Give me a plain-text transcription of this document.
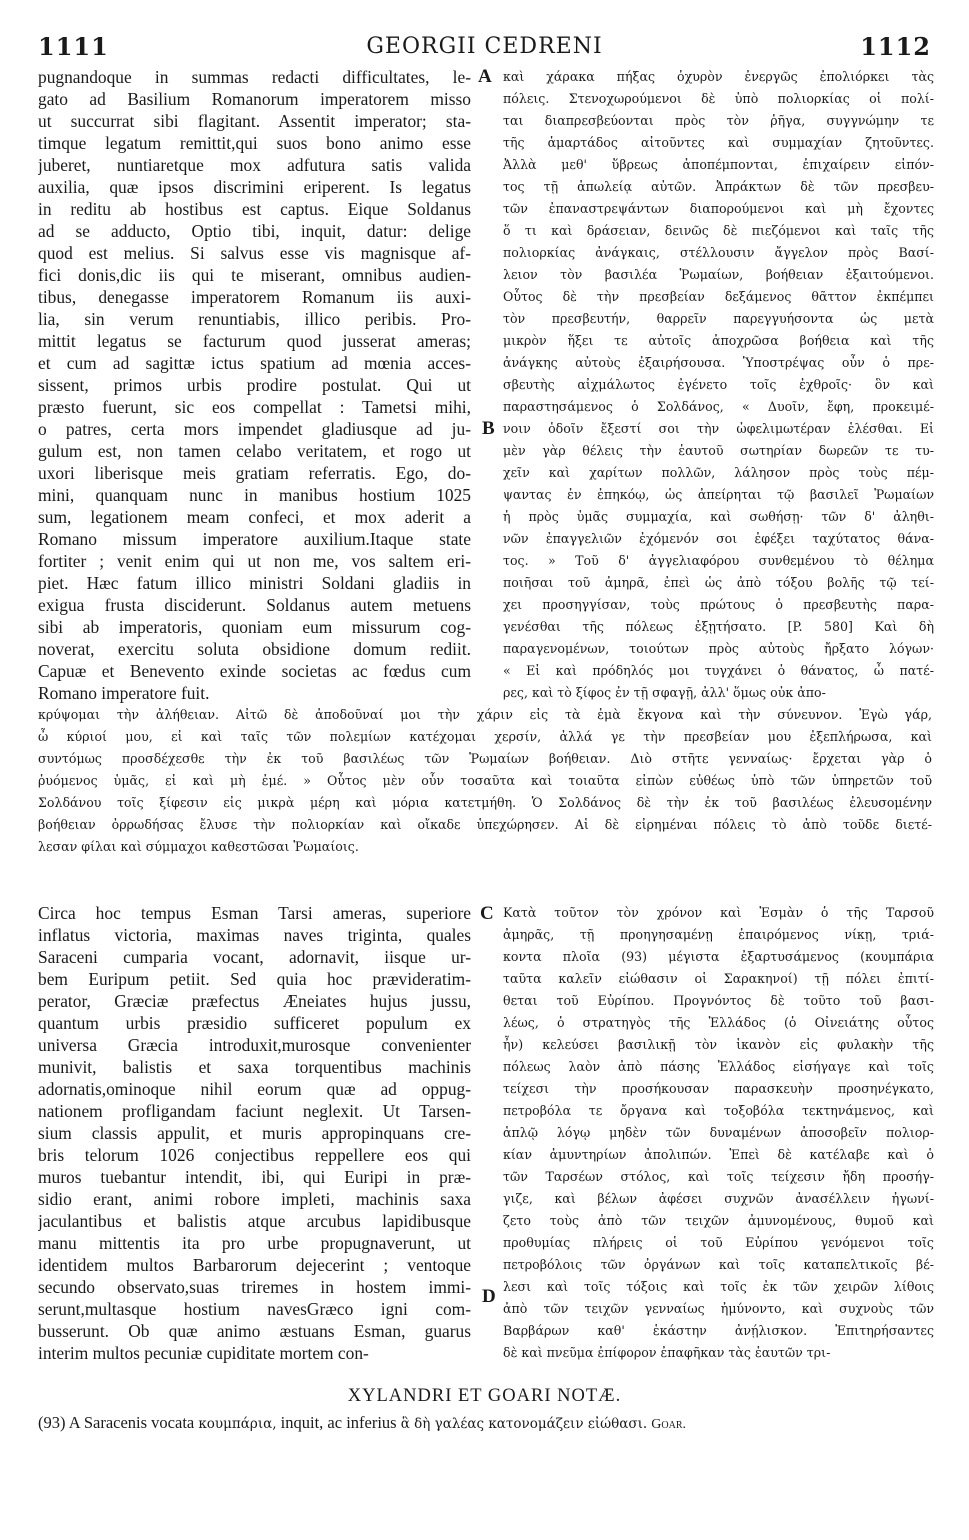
1111	GEORGII CEDRENI	1112
pugnandoque in summas redacti difficultates, le-
gato ad Basilium Romanorum imperatorem misso
ut succurrat sibi flagitant. Assentit imperator; sta-
timque legatum remittit,qui suos bono animo esse
juberet, nuntiaretque mox adfutura satis valida
auxilia, quæ ipsos discrimini eriperent. Is legatus
in reditu ab hostibus est captus. Eique Soldanus
ad se adducto, Optio tibi, inquit, datur: delige
quod est melius. Si salvus esse vis magnisque af-
fici donis,dic iis qui te miserant, omnibus audien-
tibus, denegasse imperatorem Romanum iis auxi-
lia, sin verum renuntiabis, illico peribis. Pro-
mittit legatus se facturum quod jusserat ameras;
et cum ad sagittæ ictus spatium ad mœnia acces-
sissent, primos urbis prodire postulat. Qui ut
præsto fuerunt, sic eos compellat : Tametsi mihi,
o patres, certa mors impendet gladiusque ad ju-
gulum est, non tamen celabo veritatem, et rogo ut
uxori liberisque meis gratiam referratis. Ego, do-
mini, quanquam nunc in manibus hostium 1025
sum, legationem meam confeci, et mox aderit a
Romano missum imperatore auxilium.Itaque state
fortiter ; venit enim qui ut non me, vos saltem eri-
piet. Hæc fatum illico ministri Soldani gladiis in
exigua frusta disciderunt. Soldanus autem metuens
sibi ab imperatoris, quoniam eum missurum cog-
noverat, exercitu soluta obsidione domum rediit.
Capuæ et Benevento exinde societas ac fœdus cum
Romano imperatore fuit.
καὶ χάρακα πήξας ὀχυρὸν ἐνεργῶς ἐπολιόρκει τὰς
πόλεις. Στενοχωρούμενοι δὲ ὑπὸ πολιορκίας οἱ πολί-
ται διαπρεσβεύονται πρὸς τὸν ῥῆγα, συγγνώμην τε
τῆς ἁμαρτάδος αἰτοῦντες καὶ συμμαχίαν ζητοῦντες.
Ἀλλὰ μεθ' ὕβρεως ἀποπέμπονται, ἐπιχαίρειν εἰπόν-
τος τῇ ἀπωλείᾳ αὐτῶν. Ἀπράκτων δὲ τῶν πρεσβευ-
τῶν ἐπαναστρεψάντων διαπορούμενοι καὶ μὴ ἔχοντες
ὅ τι καὶ δράσειαν, δεινῶς δὲ πιεζόμενοι καὶ ταῖς τῆς
πολιορκίας ἀνάγκαις, στέλλουσιν ἄγγελον πρὸς Βασί-
λειον τὸν βασιλέα Ῥωμαίων, βοήθειαν ἐξαιτούμενοι.
Οὗτος δὲ τὴν πρεσβείαν δεξάμενος θᾶττον ἐκπέμπει
τὸν πρεσβευτήν, θαρρεῖν παρεγγυήσοντα ὡς μετὰ
μικρὸν ἥξει τε αὐτοῖς ἀποχρῶσα βοήθεια καὶ τῆς
ἀνάγκης αὐτοὺς ἐξαιρήσουσα. Ὑποστρέψας οὖν ὁ πρε-
σβευτὴς αἰχμάλωτος ἐγένετο τοῖς ἐχθροῖς· ὃν καὶ
παραστησάμενος ὁ Σολδάνος, « Δυοῖν, ἔφη, προκειμέ-
νοιν ὁδοῖν ἔξεστί σοι τὴν ὠφελιμωτέραν ἑλέσθαι. Εἰ
μὲν γὰρ θέλεις τὴν ἑαυτοῦ σωτηρίαν δωρεῶν τε τυ-
χεῖν καὶ χαρίτων πολλῶν, λάλησον πρὸς τοὺς πέμ-
ψαντας ἐν ἐπηκόῳ, ὡς ἀπείρηται τῷ βασιλεῖ Ῥωμαίων
ἡ πρὸς ὑμᾶς συμμαχία, καὶ σωθήσῃ· τῶν δ' ἀληθι-
νῶν ἐπαγγελιῶν ἐχόμενόν σοι ἐφέξει ταχύτατος θάνα-
τος. » Τοῦ δ' ἀγγελιαφόρου συνθεμένου τὸ θέλημα
ποιῆσαι τοῦ ἀμηρᾶ, ἐπεὶ ὡς ἀπὸ τόξου βολῆς τῷ τεί-
χει προσηγγίσαν, τοὺς πρώτους ὁ πρεσβευτὴς παρα-
γενέσθαι τῆς πόλεως ἐξῃτήσατο. [P. 580] Καὶ δὴ
παραγενομένων, τοιούτων πρὸς αὐτοὺς ἤρξατο λόγων·
« Εἰ καὶ πρόδηλός μοι τυγχάνει ὁ θάνατος, ὦ πατέ-
ρες, καὶ τὸ ξίφος ἐν τῇ σφαγῇ, ἀλλ' ὅμως οὐκ ἀπο-
A
B
C
D
κρύψομαι τὴν ἀλήθειαν. Αἰτῶ δὲ ἀποδοῦναί μοι τὴν χάριν εἰς τὰ ἐμὰ ἔκγονα καὶ τὴν σύνευνον. Ἐγὼ γάρ,
ὦ κύριοί μου, εἰ καὶ ταῖς τῶν πολεμίων κατέχομαι χερσίν, ἀλλά γε τὴν πρεσβείαν μου ἐξεπλήρωσα, καὶ
συντόμως προσδέχεσθε τὴν ἐκ τοῦ βασιλέως τῶν Ῥωμαίων βοήθειαν. Διὸ στῆτε γενναίως· ἔρχεται γὰρ ὁ
ῥυόμενος ὑμᾶς, εἰ καὶ μὴ ἐμέ. » Οὗτος μὲν οὖν τοσαῦτα καὶ τοιαῦτα εἰπὼν εὐθέως ὑπὸ τῶν ὑπηρετῶν τοῦ
Σολδάνου τοῖς ξίφεσιν εἰς μικρὰ μέρη καὶ μόρια κατετμήθη. Ὁ Σολδάνος δὲ τὴν ἐκ τοῦ βασιλέως ἐλευσομένην
βοήθειαν ὀρρωδήσας ἔλυσε τὴν πολιορκίαν καὶ οἴκαδε ὑπεχώρησεν. Αἱ δὲ εἰρημέναι πόλεις τὸ ἀπὸ τοῦδε διετέ-
λεσαν φίλαι καὶ σύμμαχοι καθεστῶσαι Ῥωμαίοις.
Circa hoc tempus Esman Tarsi ameras, superiore
inflatus victoria, maximas naves triginta, quales
Saraceni cumparia vocant, adornavit, iisque ur-
bem Euripum petiit. Sed quia hoc prævideratim-
perator, Græciæ præfectus Æneiates hujus jussu,
quantum urbis præsidio sufficeret populum ex
universa Græcia introduxit,murosque convenienter
munivit, balistis et saxa torquentibus machinis
adornatis,ominoque nihil eorum quæ ad oppug-
nationem profligandam faciunt neglexit. Ut Tarsen-
sium classis appulit, et muris appropinquans cre-
bris telorum 1026 conjectibus reppellere eos qui
muros tuebantur intendit, ibi, qui Euripi in præ-
sidio erant, animi robore impleti, machinis saxa
jaculantibus et balistis atque arcubus lapidibusque
manu mittentis ita pro urbe propugnaverunt, ut
identidem multos Barbarorum dejecerint ; ventoque
secundo observato,suas triremes in hostem immi-
serunt,multasque hostium navesGræco igni com-
busserunt. Ob quæ animo æstuans Esman, guarus
interim multos pecuniæ cupiditate mortem con-
Κατὰ τοῦτον τὸν χρόνον καὶ Ἐσμὰν ὁ τῆς Ταρσοῦ
ἀμηρᾶς, τῇ προηγησαμένῃ ἐπαιρόμενος νίκῃ, τριά-
κοντα πλοῖα (93) μέγιστα ἐξαρτυσάμενος (κουμπάρια
ταῦτα καλεῖν εἰώθασιν οἱ Σαρακηνοί) τῇ πόλει ἐπιτί-
θεται τοῦ Εὐρίπου. Προγνόντος δὲ τοῦτο τοῦ βασι-
λέως, ὁ στρατηγὸς τῆς Ἑλλάδος (ὁ Οἰνειάτης οὗτος
ἦν) κελεύσει βασιλικῇ τὸν ἱκανὸν εἰς φυλακὴν τῆς
πόλεως λαὸν ἀπὸ πάσης Ἑλλάδος εἰσήγαγε καὶ τοῖς
τείχεσι τὴν προσήκουσαν παρασκευὴν προσηνέγκατο,
πετροβόλα τε ὄργανα καὶ τοξοβόλα τεκτηνάμενος, καὶ
ἁπλῷ λόγῳ μηδὲν τῶν δυναμένων ἀποσοβεῖν πολιορ-
κίαν ἀμυντηρίων ἀπολιπών. Ἐπεὶ δὲ κατέλαβε καὶ ὁ
τῶν Ταρσέων στόλος, καὶ τοῖς τείχεσιν ἤδη προσήγ-
γιζε, καὶ βέλων ἀφέσει συχνῶν ἀνασέλλειν ἠγωνί-
ζετο τοὺς ἀπὸ τῶν τειχῶν ἀμυνομένους, θυμοῦ καὶ
προθυμίας πλήρεις οἱ τοῦ Εὐρίπου γενόμενοι τοῖς
πετροβόλοις τῶν ὀργάνων καὶ τοῖς καταπελτικοῖς βέ-
λεσι καὶ τοῖς τόξοις καὶ τοῖς ἐκ τῶν χειρῶν λίθοις
ἀπὸ τῶν τειχῶν γενναίως ἠμύνοντο, καὶ συχνοὺς τῶν
Βαρβάρων καθ' ἑκάστην ἀνῄλισκον. Ἐπιτηρήσαντες
δὲ καὶ πνεῦμα ἐπίφορον ἐπαφῆκαν τὰς ἑαυτῶν τρι-
XYLANDRI ET GOARI NOTÆ.
(93) A Saracenis vocata κουμπάρια, inquit, ac inferius ἃ δὴ γαλέας κατονομάζειν εἰώθασι. Goar.
